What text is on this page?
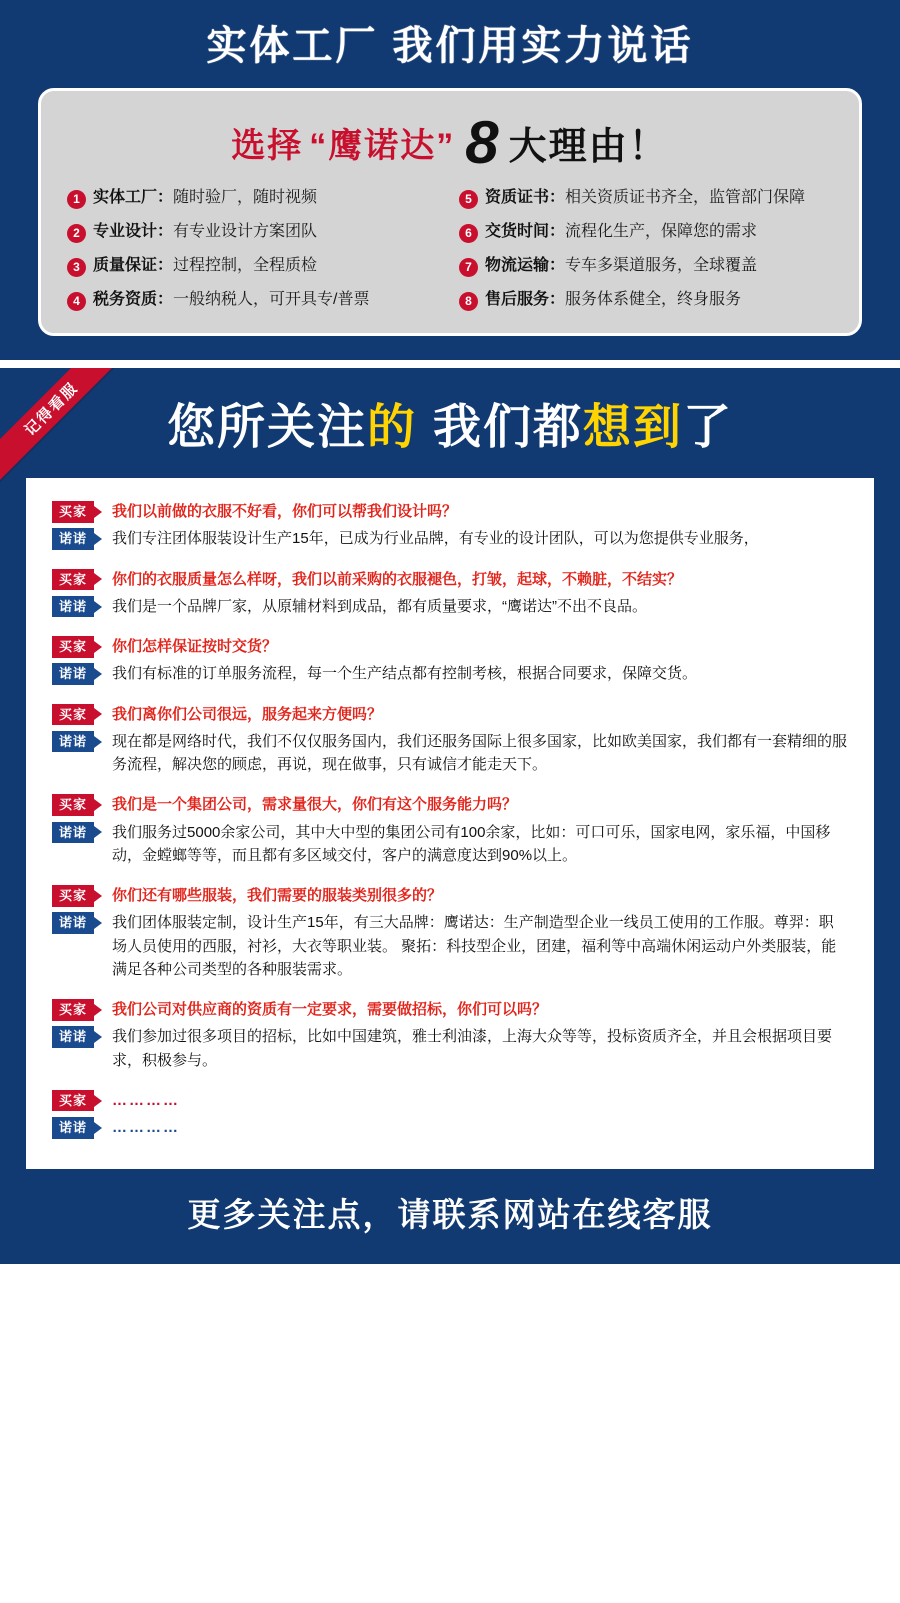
实体工厂 我们用实力说话
选择 “鹰诺达” 8 大理由！
1 实体工厂：随时验厂，随时视频	5 资质证书：相关资质证书齐全，监管部门保障
2 专业设计：有专业设计方案团队	6 交货时间：流程化生产，保障您的需求
3 质量保证：过程控制，全程质检	7 物流运输：专车多渠道服务，全球覆盖
4 税务资质：一般纳税人，可开具专/普票	8 售后服务：服务体系健全，终身服务
记得看服	您所关注的 我们都想到了
买家	我们以前做的衣服不好看，你们可以帮我们设计吗？
诺诺	我们专注团体服装设计生产15年，已成为行业品牌，有专业的设计团队，可以为您提供专业服务，
买家	你们的衣服质量怎么样呀，我们以前采购的衣服褪色，打皱，起球，不赖脏，不结实？
诺诺	我们是一个品牌厂家，从原辅材料到成品，都有质量要求，“鹰诺达”不出不良品。
买家	你们怎样保证按时交货？
诺诺	我们有标准的订单服务流程，每一个生产结点都有控制考核，根据合同要求，保障交货。
买家	我们离你们公司很远，服务起来方便吗？
诺诺	现在都是网络时代，我们不仅仅服务国内，我们还服务国际上很多国家，比如欧美国家，我们都有一套精细的服务流程，解决您的顾虑，再说，现在做事，只有诚信才能走天下。
买家	我们是一个集团公司，需求量很大，你们有这个服务能力吗？
诺诺	我们服务过5000余家公司，其中大中型的集团公司有100余家，比如：可口可乐，国家电网，家乐福，中国移动，金螳螂等等，而且都有多区域交付，客户的满意度达到90%以上。
买家	你们还有哪些服装，我们需要的服装类别很多的？
诺诺	我们团体服装定制，设计生产15年，有三大品牌：鹰诺达：生产制造型企业一线员工使用的工作服。尊羿：职场人员使用的西服，衬衫，大衣等职业装。 聚拓：科技型企业，团建，福利等中高端休闲运动户外类服装，能满足各种公司类型的各种服装需求。
买家	我们公司对供应商的资质有一定要求，需要做招标，你们可以吗？
诺诺	我们参加过很多项目的招标，比如中国建筑，雅士利油漆，上海大众等等，投标资质齐全，并且会根据项目要求，积极参与。
买家	…………
诺诺	…………
更多关注点，请联系网站在线客服
